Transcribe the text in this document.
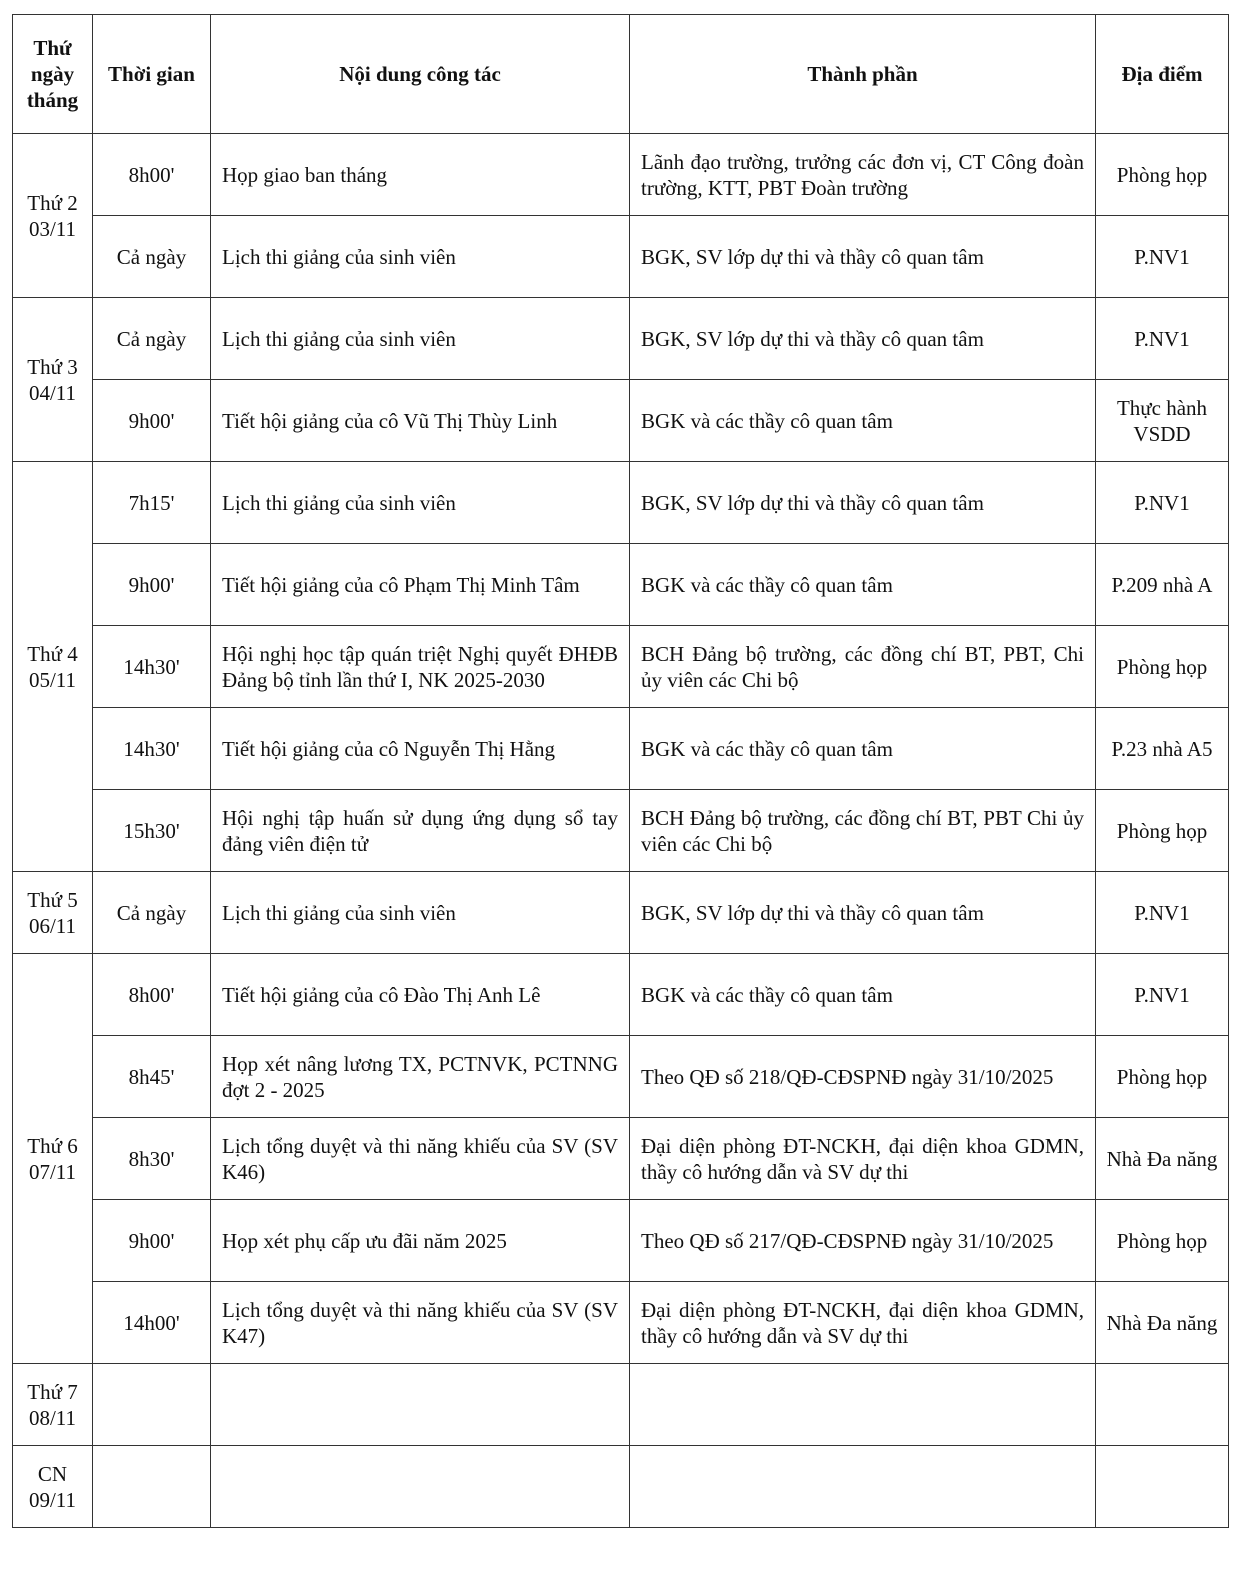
Thứ ngày tháng	Thời gian	Nội dung công tác	Thành phần	Địa điểm

Thứ 2
03/11	8h00'	Họp giao ban tháng	Lãnh đạo trường, trưởng các đơn vị, CT Công đoàn trường, KTT, PBT Đoàn trường	Phòng họp
	Cả ngày	Lịch thi giảng của sinh viên	BGK, SV lớp dự thi và thầy cô quan tâm	P.NV1

Thứ 3
04/11	Cả ngày	Lịch thi giảng của sinh viên	BGK, SV lớp dự thi và thầy cô quan tâm	P.NV1
	9h00'	Tiết hội giảng của cô Vũ Thị Thùy Linh	BGK và các thầy cô quan tâm	Thực hành VSDD

Thứ 4
05/11	7h15'	Lịch thi giảng của sinh viên	BGK, SV lớp dự thi và thầy cô quan tâm	P.NV1
	9h00'	Tiết hội giảng của cô Phạm Thị Minh Tâm	BGK và các thầy cô quan tâm	P.209 nhà A
	14h30'	Hội nghị học tập quán triệt Nghị quyết ĐHĐB Đảng bộ tỉnh lần thứ I, NK 2025-2030	BCH Đảng bộ trường, các đồng chí BT, PBT, Chi ủy viên các Chi bộ	Phòng họp
	14h30'	Tiết hội giảng của cô Nguyễn Thị Hằng	BGK và các thầy cô quan tâm	P.23 nhà A5
	15h30'	Hội nghị tập huấn sử dụng ứng dụng sổ tay đảng viên điện tử	BCH Đảng bộ trường, các đồng chí BT, PBT Chi ủy viên các Chi bộ	Phòng họp

Thứ 5
06/11	Cả ngày	Lịch thi giảng của sinh viên	BGK, SV lớp dự thi và thầy cô quan tâm	P.NV1

Thứ 6
07/11	8h00'	Tiết hội giảng của cô Đào Thị Anh Lê	BGK và các thầy cô quan tâm	P.NV1
	8h45'	Họp xét nâng lương TX, PCTNVK, PCTNNG đợt 2 - 2025	Theo QĐ số 218/QĐ-CĐSPNĐ ngày 31/10/2025	Phòng họp
	8h30'	Lịch tổng duyệt và thi năng khiếu của SV (SV K46)	Đại diện phòng ĐT-NCKH, đại diện khoa GDMN, thầy cô hướng dẫn và SV dự thi	Nhà Đa năng
	9h00'	Họp xét phụ cấp ưu đãi năm 2025	Theo QĐ số 217/QĐ-CĐSPNĐ ngày 31/10/2025	Phòng họp
	14h00'	Lịch tổng duyệt và thi năng khiếu của SV (SV K47)	Đại diện phòng ĐT-NCKH, đại diện khoa GDMN, thầy cô hướng dẫn và SV dự thi	Nhà Đa năng

Thứ 7
08/11				

CN
09/11				
